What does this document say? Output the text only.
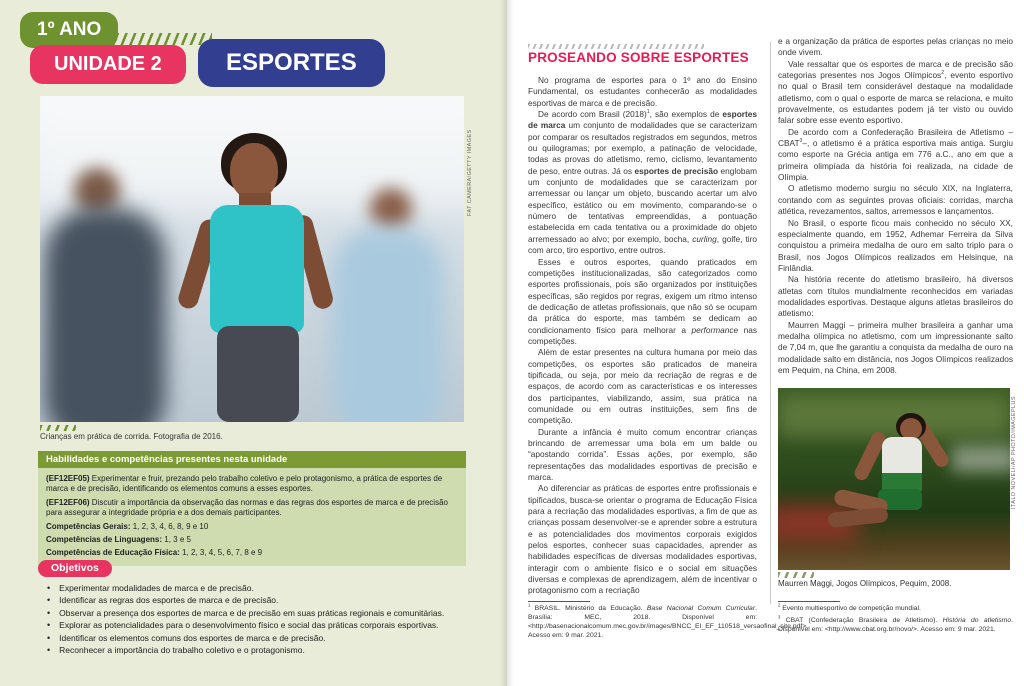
1º ANO
UNIDADE 2	ESPORTES
FAT CAMERA/GETTY IMAGES
Crianças em prática de corrida. Fotografia de 2016.
Habilidades e competências presentes nesta unidade
(EF12EF05) Experimentar e fruir, prezando pelo trabalho coletivo e pelo protagonismo, a prática de esportes de marca e de precisão, identificando os elementos comuns a esses esportes.
(EF12EF06) Discutir a importância da observação das normas e das regras dos esportes de marca e de precisão para assegurar a integridade própria e a dos demais participantes.
Competências Gerais: 1, 2, 3, 4, 6, 8, 9 e 10
Competências de Linguagens: 1, 3 e 5
Competências de Educação Física: 1, 2, 3, 4, 5, 6, 7, 8 e 9
Objetivos
•
Experimentar modalidades de marca e de precisão.
•
Identificar as regras dos esportes de marca e de precisão.
•
Observar a presença dos esportes de marca e de precisão em suas práticas regionais e comunitárias.
•
Explorar as potencialidades para o desenvolvimento físico e social das práticas corporais esportivas.
•
Identificar os elementos comuns dos esportes de marca e de precisão.
•
Reconhecer a importância do trabalho coletivo e o protagonismo.
PROSEANDO SOBRE ESPORTES

No programa de esportes para o 1º ano do Ensino Fundamental, os estudantes conhecerão as modalidades esportivas de marca e de precisão.

De acordo com Brasil $(2018)^1$, são exemplos de esportes de marca um conjunto de modalidades que se caracterizam por comparar os resultados registrados em segundos, metros ou quilogramas; por exemplo, a patinação de velocidade, todas as provas do atletismo, remo, ciclismo, levantamento de peso, entre outras. Já os esportes de precisão englobam um conjunto de modalidades que se caracterizam por arremessar ou lançar um objeto, buscando acertar um alvo específico, estático ou em movimento, comparando-se o número de tentativas empreendidas, a pontuação estabelecida em cada tentativa ou a proximidade do objeto arremessado ao alvo; por exemplo, bocha, curling, golfe, tiro com arco, tiro esportivo, entre outros.

Esses e outros esportes, quando praticados em competições institucionalizadas, são categorizados como esportes profissionais, pois são organizados por instituições específicas, são regidos por regras, exigem um ritmo intenso de dedicação de atletas profissionais, que não só se ocupam da prática do esporte, mas também se dedicam ao condicionamento físico para melhorar a performance nas competições.

Além de estar presentes na cultura humana por meio das competições, os esportes são praticados de maneira tipificada, ou seja, por meio da recriação de regras e de espaços, de acordo com as características e os interesses dos participantes, viabilizando, assim, sua prática na comunidade ou em outras instituições, sem fins de competição.

Durante a infância é muito comum encontrar crianças brincando de arremessar uma bola em um balde ou “apostando corrida”. Essas ações, por exemplo, são representações das modalidades esportivas de precisão e marca.

Ao diferenciar as práticas de esportes entre profissionais e tipificados, busca-se orientar o programa de Educação Física para a recriação das modalidades esportivas, a fim de que as crianças possam desenvolver-se e aprender sobre a estrutura e as potencialidades dos movimentos corporais exigidos pelos esportes, conhecer suas capacidades, aprender as habilidades específicas de diversas modalidades esportivas, interagir com o ambiente físico e o social em situações diversas e complexas de aprendizagem, além de incentivar o protagonismo com a recriação

e a organização da prática de esportes pelas crianças no meio onde vivem.

Vale ressaltar que os esportes de marca e de precisão são categorias presentes nos Jogos Olímpicos$^2$, evento esportivo no qual o Brasil tem considerável destaque na modalidade atletismo, com o qual o esporte de marca se relaciona, e muito provavelmente, os estudantes podem já ter visto ou ouvido falar sobre esse evento esportivo.

De acordo com a Confederação Brasileira de Atletismo – CBAT$^3$–, o atletismo é a prática esportiva mais antiga. Surgiu como esporte na Grécia antiga em 776 a.C., ano em que a primeira olimpíada da história foi realizada, na cidade de Olímpia.

O atletismo moderno surgiu no século XIX, na Inglaterra, contando com as seguintes provas oficiais: corridas, marcha atlética, revezamentos, saltos, arremessos e lançamentos.

No Brasil, o esporte ficou mais conhecido no século XX, especialmente quando, em 1952, Adhemar Ferreira da Silva conquistou a primeira medalha de ouro em salto triplo para o Brasil, nos Jogos Olímpicos realizados em Helsinque, na Finlândia.

Na história recente do atletismo brasileiro, há diversos atletas com títulos mundialmente reconhecidos em variadas modalidades esportivas. Destaque alguns atletas brasileiros do atletismo:

Maurren Maggi – primeira mulher brasileira a ganhar uma medalha olímpica no atletismo, com um impressionante salto de 7,04 m, que lhe garantiu a conquista da medalha de ouro na modalidade salto em distância, nos Jogos Olímpicos realizados em Pequim, na China, em 2008.

ITALO NOVELI/AP PHOTO/IMAGEPLUS
Maurren Maggi, Jogos Olímpicos, Pequim, 2008.
$^1$ BRASIL. Ministério da Educação. Base Nacional Comum Curricular. Brasília: MEC, 2018. Disponível em: <http://basenacionalcomum.mec.gov.br/images/BNCC_EI_EF_110518_versaofinal_site.pdf>. Acesso em: 9 mar. 2021.
$^2$ Evento multiesportivo de competição mundial.
$^3$ CBAT (Confederação Brasileira de Atletismo). História do atletismo. Disponível em: <http://www.cbat.org.br/novo/>. Acesso em: 9 mar. 2021.
